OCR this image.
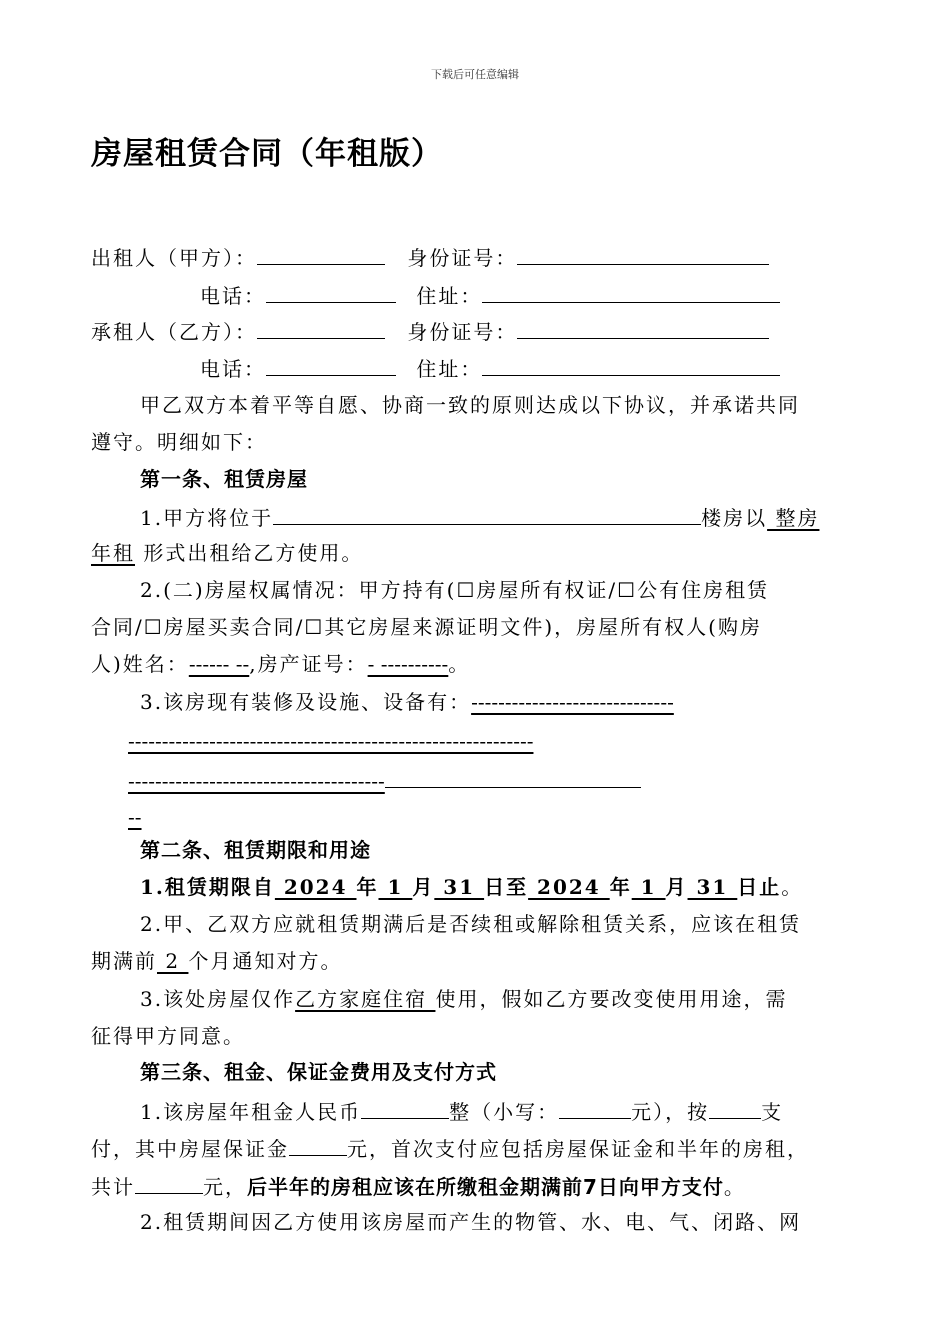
下载后可任意编辑
房屋租赁合同（年租版）
出租人（甲方）：	身份证号：
电话：	住址：
承租人（乙方）：	身份证号：
电话：	住址：
甲乙双方本着平等自愿、协商一致的原则达成以下协议，并承诺共同
遵守。明细如下：
第一条、租赁房屋
1.甲方将位于	楼房以 整房
年租 形式出租给乙方使用。
2.(二)房屋权属情况：甲方持有(☐房屋所有权证/☐公有住房租赁
合同/☐房屋买卖合同/☐其它房屋来源证明文件)，房屋所有权人(购房
人)姓名：------ --,房产证号：- ----------。
3.该房现有装修及设施、设备有：------------------------------
------------------------------------------------------------
--------------------------------------
--
第二条、租赁期限和用途
1.租赁期限自 2024 年 1 月 31 日至 2024 年 1 月 31 日止。
2.甲、乙双方应就租赁期满后是否续租或解除租赁关系，应该在租赁
期满前 2 个月通知对方。
3.该处房屋仅作乙方家庭住宿 使用，假如乙方要改变使用用途，需
征得甲方同意。
第三条、租金、保证金费用及支付方式
1.该房屋年租金人民币	整（小写：	元），按	支
付，其中房屋保证金	元，首次支付应包括房屋保证金和半年的房租，
共计	元，后半年的房租应该在所缴租金期满前7日向甲方支付。
2.租赁期间因乙方使用该房屋而产生的物管、水、电、气、闭路、网
